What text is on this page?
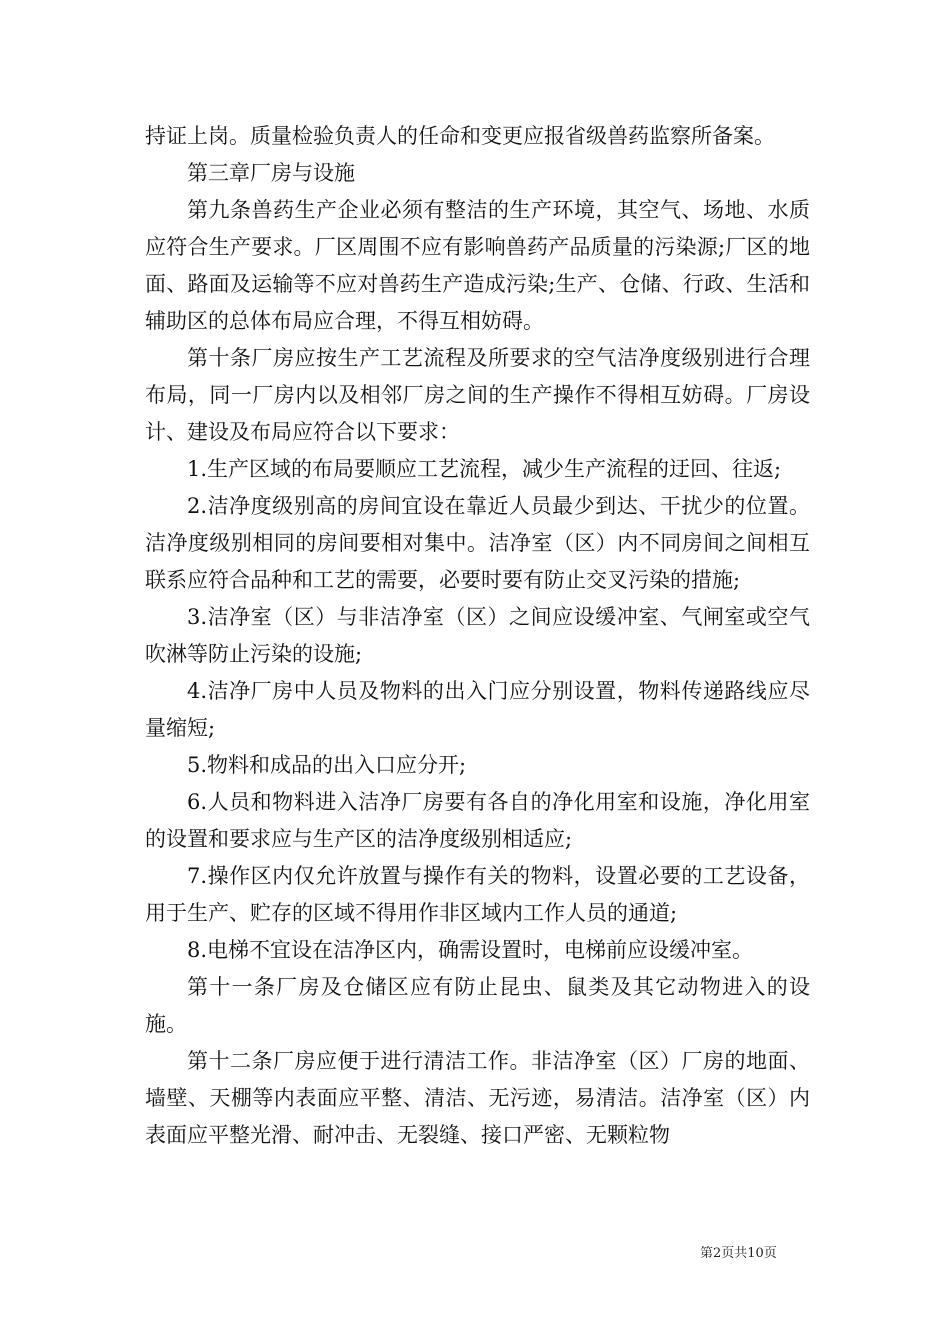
持证上岗。质量检验负责人的任命和变更应报省级兽药监察所备案。

第三章厂房与设施

第九条兽药生产企业必须有整洁的生产环境，其空气、场地、水质应符合生产要求。厂区周围不应有影响兽药产品质量的污染源;厂区的地面、路面及运输等不应对兽药生产造成污染;生产、仓储、行政、生活和辅助区的总体布局应合理，不得互相妨碍。

第十条厂房应按生产工艺流程及所要求的空气洁净度级别进行合理布局，同一厂房内以及相邻厂房之间的生产操作不得相互妨碍。厂房设计、建设及布局应符合以下要求：

1.生产区域的布局要顺应工艺流程，减少生产流程的迂回、往返;

2.洁净度级别高的房间宜设在靠近人员最少到达、干扰少的位置。洁净度级别相同的房间要相对集中。洁净室（区）内不同房间之间相互联系应符合品种和工艺的需要，必要时要有防止交叉污染的措施;

3.洁净室（区）与非洁净室（区）之间应设缓冲室、气闸室或空气吹淋等防止污染的设施;

4.洁净厂房中人员及物料的出入门应分别设置，物料传递路线应尽量缩短;

5.物料和成品的出入口应分开;

6.人员和物料进入洁净厂房要有各自的净化用室和设施，净化用室的设置和要求应与生产区的洁净度级别相适应;

7.操作区内仅允许放置与操作有关的物料，设置必要的工艺设备，用于生产、贮存的区域不得用作非区域内工作人员的通道;

8.电梯不宜设在洁净区内，确需设置时，电梯前应设缓冲室。

第十一条厂房及仓储区应有防止昆虫、鼠类及其它动物进入的设施。

第十二条厂房应便于进行清洁工作。非洁净室（区）厂房的地面、墙壁、天棚等内表面应平整、清洁、无污迹，易清洁。洁净室（区）内表面应平整光滑、耐冲击、无裂缝、接口严密、无颗粒物

第2页共10页
